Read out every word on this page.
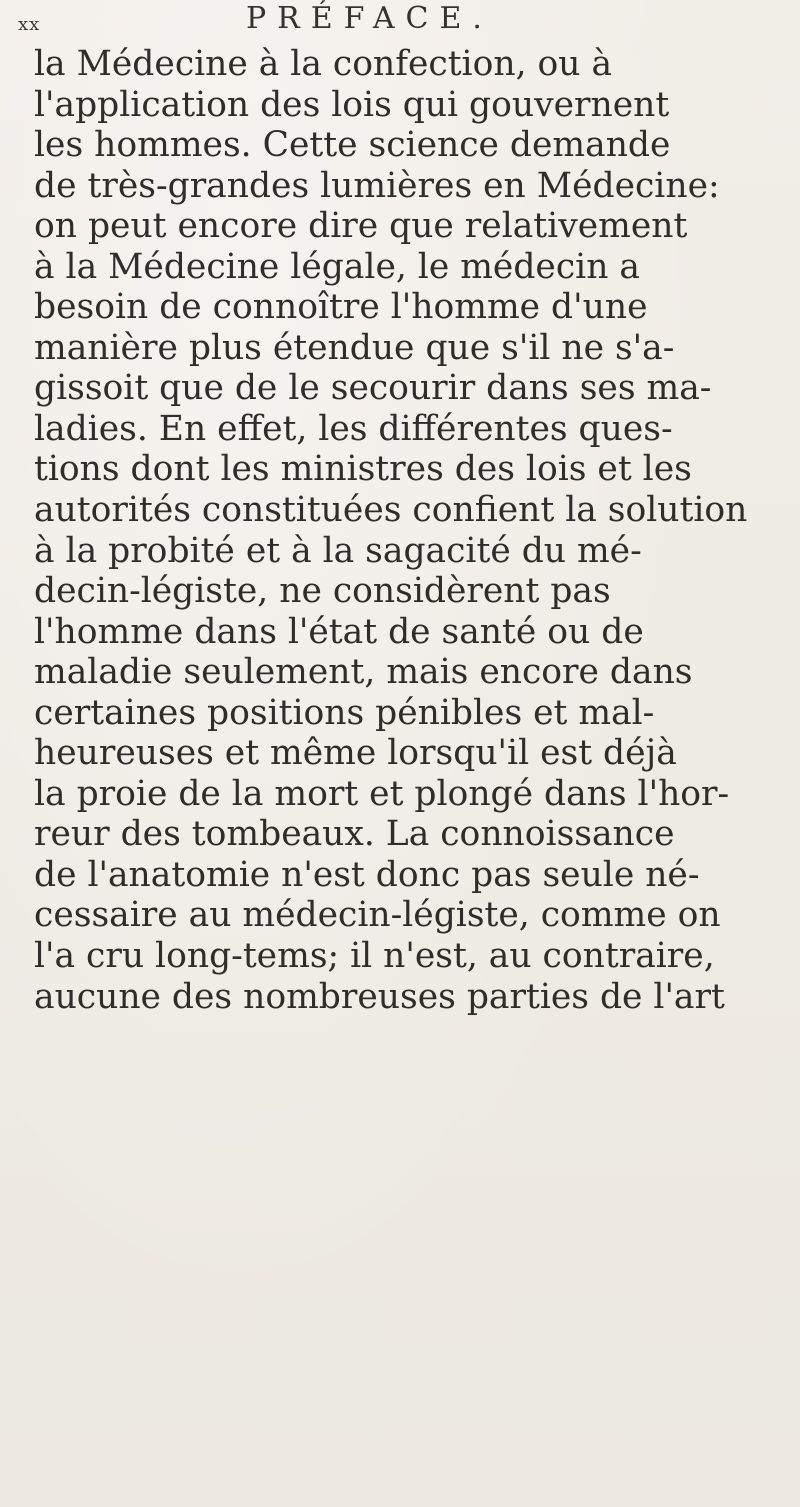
xx	PRÉFACE.
la Médecine à la confection, ou à
l'application des lois qui gouvernent
les hommes. Cette science demande
de très-grandes lumières en Médecine:
on peut encore dire que relativement
à la Médecine légale, le médecin a
besoin de connoître l'homme d'une
manière plus étendue que s'il ne s'a-
gissoit que de le secourir dans ses ma-
ladies. En effet, les différentes ques-
tions dont les ministres des lois et les
autorités constituées confient la solution
à la probité et à la sagacité du mé-
decin-légiste, ne considèrent pas
l'homme dans l'état de santé ou de
maladie seulement, mais encore dans
certaines positions pénibles et mal-
heureuses et même lorsqu'il est déjà
la proie de la mort et plongé dans l'hor-
reur des tombeaux. La connoissance
de l'anatomie n'est donc pas seule né-
cessaire au médecin-légiste, comme on
l'a cru long-tems; il n'est, au contraire,
aucune des nombreuses parties de l'art
